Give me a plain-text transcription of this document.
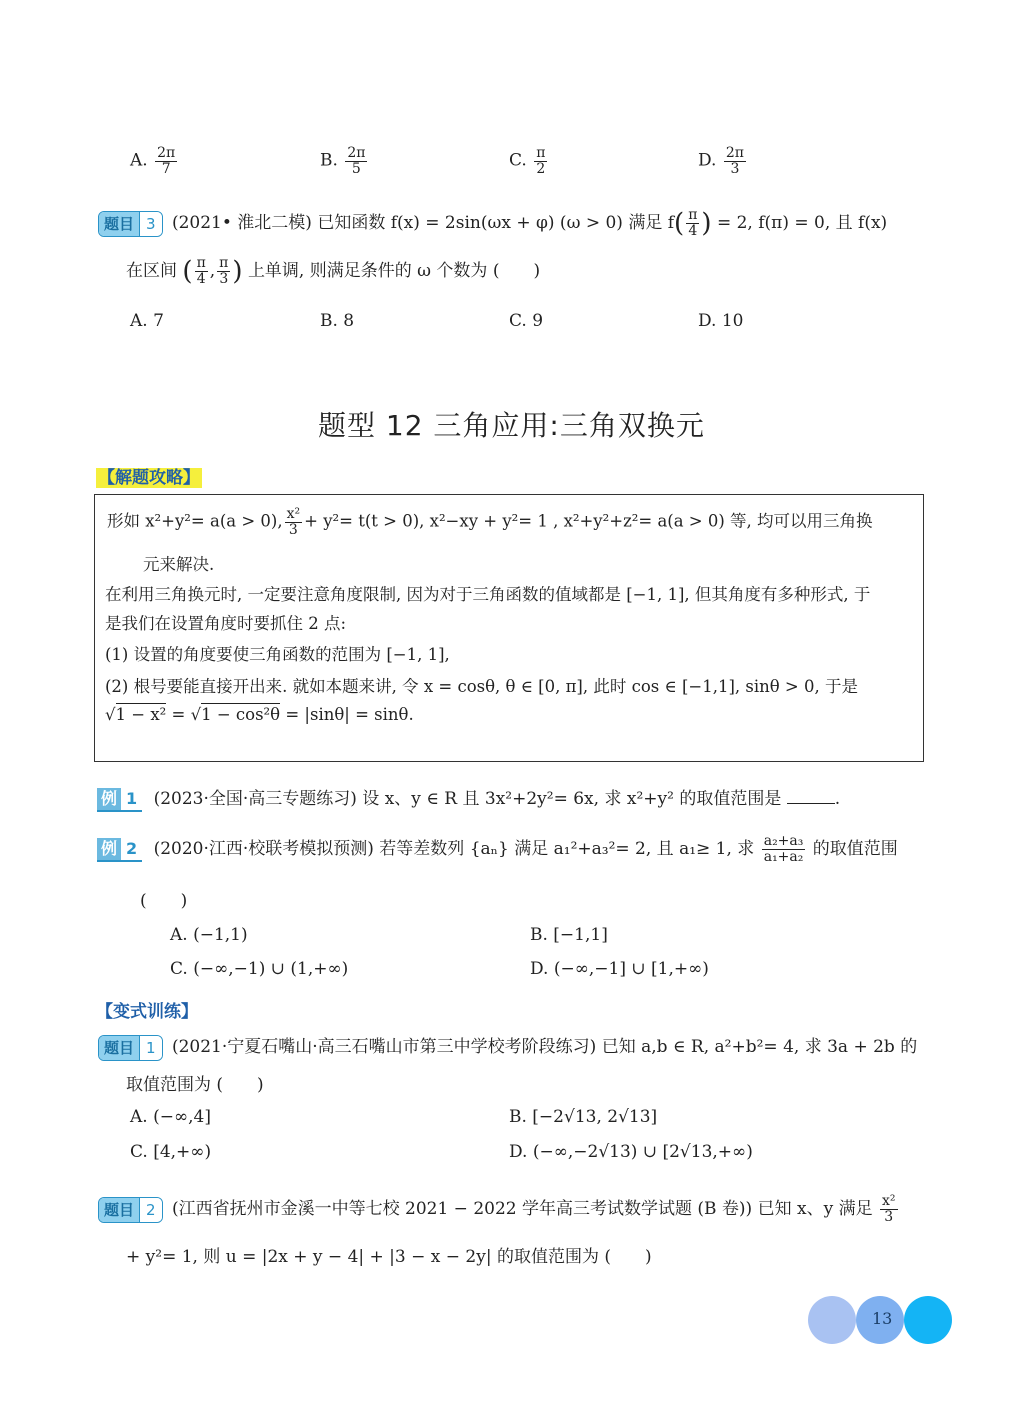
A. $\frac{2\pi}{7}$	B. $\frac{2\pi}{5}$	C. $\frac{\pi}{2}$	D. $\frac{2\pi}{3}$
题目 3 (2021• 淮北二模) 已知函数 f(x) = 2sin(ωx + φ) (ω > 0) 满足 $f( \frac{\pi}{4}$ ) = 2, f(π) = 0, 且 f(x)
在区间 ( $\frac{\pi}{4}$ , $\frac{\pi}{3}$ ) 上单调, 则满足条件的 ω 个数为 (　　)
A. 7	B. 8	C. 9	D. 10
题型 12 三角应用:三角双换元
【解题攻略】
形如 x²+y²= a(a > 0), $\frac{\text{x²}}{3} + y^2= t(t > 0)$, x²−xy + y²= 1 , x²+y²+z²= a(a > 0) 等, 均可以用三角换
元来解决.
在利用三角换元时, 一定要注意角度限制, 因为对于三角函数的值域都是 [−1, 1], 但其角度有多种形式, 于
是我们在设置角度时要抓住 2 点:
(1) 设置的角度要使三角函数的范围为 [−1, 1],
(2) 根号要能直接开出来. 就如本题来讲, 令 x = cosθ, θ ∈ [0, π], 此时 cos ∈ [−1,1], sinθ > 0, 于是
√1 − x² = √1 − cos²θ = |sinθ| = sinθ.
例 1 (2023·全国·高三专题练习) 设 x、y ∈ R 且 3x²+2y²= 6x, 求 x²+y² 的取值范围是	.
例 2 (2020·江西·校联考模拟预测) 若等差数列 {aₙ} 满足 a₁²+a₃²= 2, 且 a₁≥ 1, 求 $\frac{\text{a₂+a₃}}{\text{a₁+a₂}}$ 的取值范围
(　　)
A. (−1,1)	B. [−1,1]
C. (−∞,−1) ∪ (1,+∞)	D. (−∞,−1] ∪ [1,+∞)
【变式训练】
题目 1 (2021·宁夏石嘴山·高三石嘴山市第三中学校考阶段练习) 已知 a,b ∈ R, a²+b²= 4, 求 3a + 2b 的
取值范围为 (　　)
A. (−∞,4]	B. [−2√13, 2√13]
C. [4,+∞)	D. (−∞,−2√13) ∪ [2√13,+∞)
题目 2 (江西省抚州市金溪一中等七校 2021 − 2022 学年高三考试数学试题 (B 卷)) 已知 x、y 满足 $\frac{\text{x²}}{3}$
+ y²= 1, 则 u = |2x + y − 4| + |3 − x − 2y| 的取值范围为 (　　)
13
